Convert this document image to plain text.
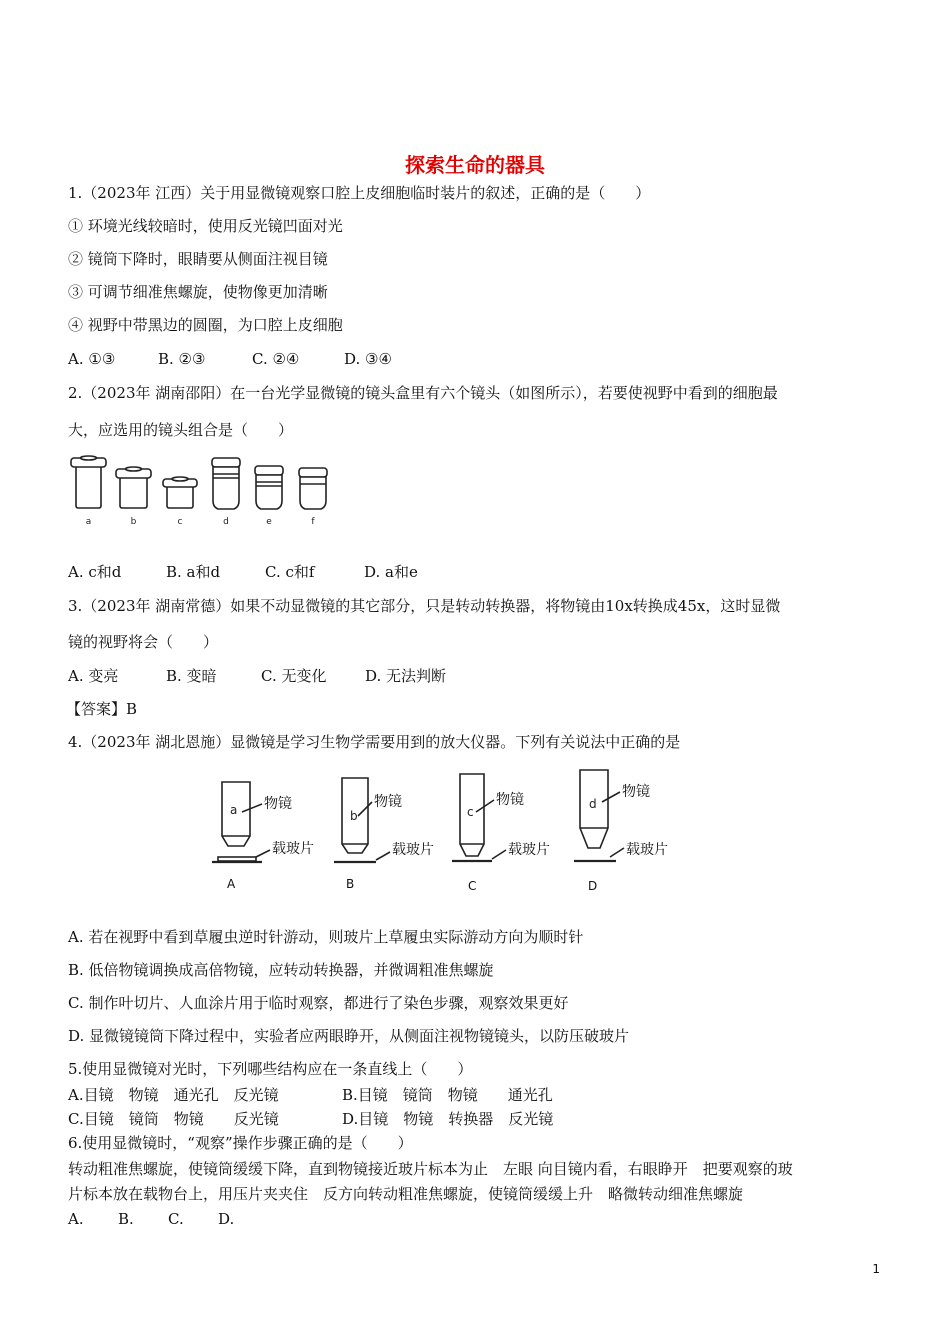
探索生命的器具
1.（2023年 江西）关于用显微镜观察口腔上皮细胞临时装片的叙述，正确的是（　　）
① 环境光线较暗时，使用反光镜凹面对光
② 镜筒下降时，眼睛要从侧面注视目镜
③ 可调节细准焦螺旋，使物像更加清晰
④ 视野中带黑边的圆圈，为口腔上皮细胞
A. ①③	B. ②③	C. ②④	D. ③④
2.（2023年 湖南邵阳）在一台光学显微镜的镜头盒里有六个镜头（如图所示），若要使视野中看到的细胞最
大，应选用的镜头组合是（　　）
a	b	c	d	e	f
A. c和d	B. a和d	C. c和f	D. a和e
3.（2023年 湖南常德）如果不动显微镜的其它部分，只是转动转换器，将物镜由10x转换成45x，这时显微
镜的视野将会（　　）
A. 变亮	B. 变暗	C. 无变化	D. 无法判断
【答案】B
4.（2023年 湖北恩施）显微镜是学习生物学需要用到的放大仪器。下列有关说法中正确的是
a	b	c
d
物镜
载玻片
物镜
载玻片
物镜
载玻片
物镜
载玻片
A	B	C	D
A. 若在视野中看到草履虫逆时针游动，则玻片上草履虫实际游动方向为顺时针
B. 低倍物镜调换成高倍物镜，应转动转换器，并微调粗准焦螺旋
C. 制作叶切片、人血涂片用于临时观察，都进行了染色步骤，观察效果更好
D. 显微镜镜筒下降过程中，实验者应两眼睁开，从侧面注视物镜镜头，以防压破玻片
5.使用显微镜对光时，下列哪些结构应在一条直线上（　　）
A.目镜　物镜　通光孔　反光镜	B.目镜　镜筒　物镜　　通光孔
C.目镜　镜筒　物镜　　反光镜	D.目镜　物镜　转换器　反光镜
6.使用显微镜时，“观察”操作步骤正确的是（　　）
转动粗准焦螺旋，使镜筒缓缓下降，直到物镜接近玻片标本为止　左眼 向目镜内看，右眼睁开　把要观察的玻
片标本放在载物台上，用压片夹夹住　反方向转动粗准焦螺旋，使镜筒缓缓上升　略微转动细准焦螺旋
A. B. C. D.
1
